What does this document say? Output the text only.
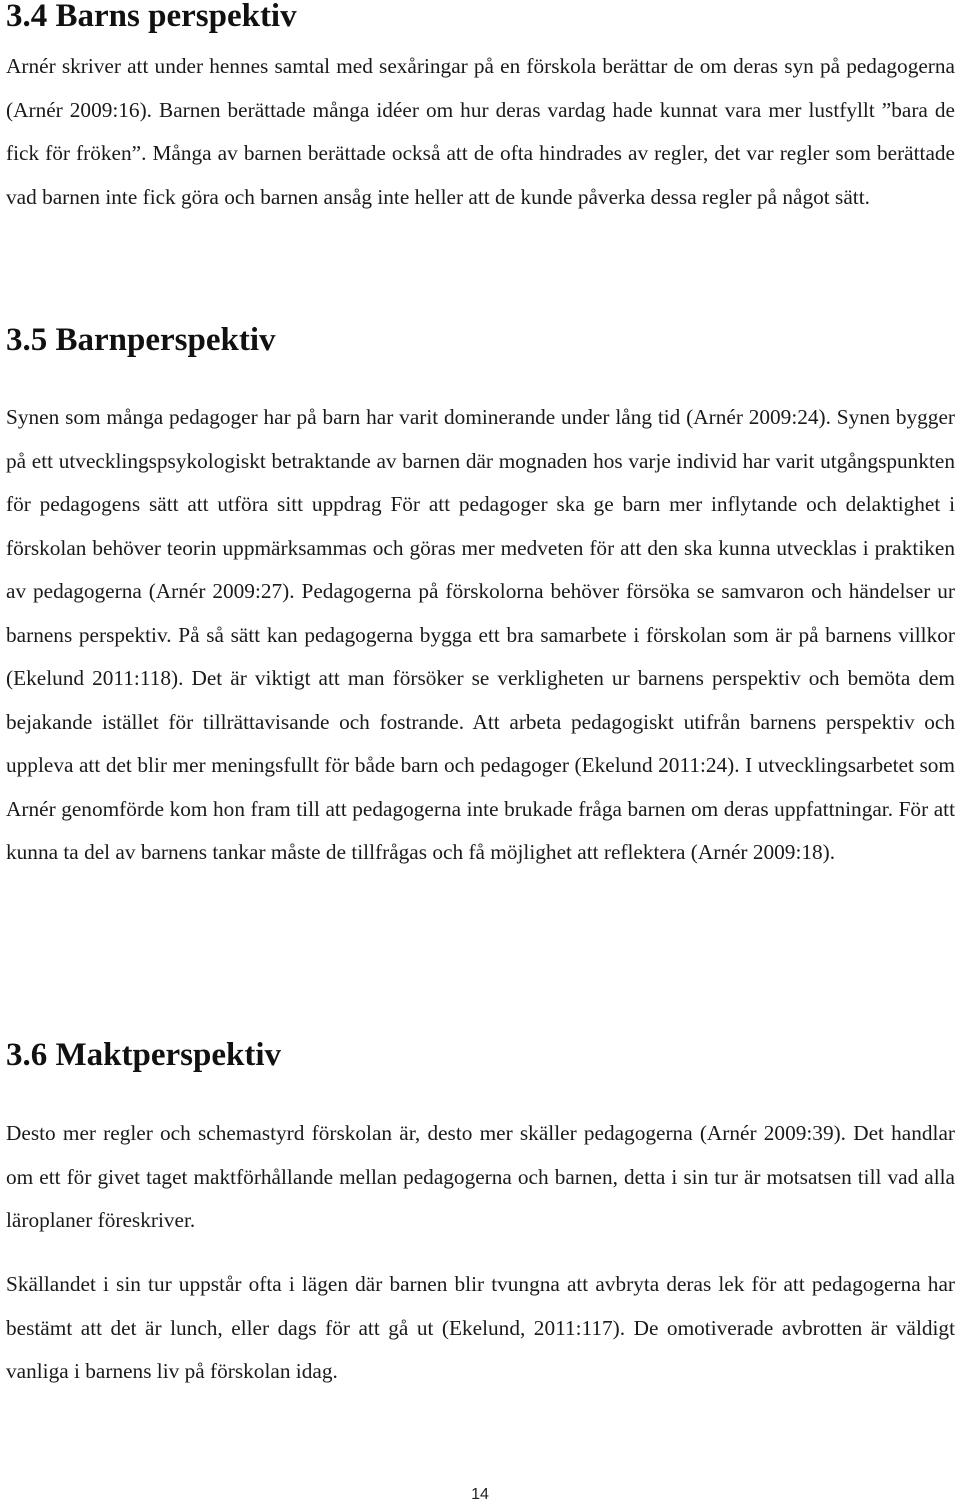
3.4 Barns perspektiv

Arnér skriver att under hennes samtal med sexåringar på en förskola berättar de om deras syn på pedagogerna (Arnér 2009:16). Barnen berättade många idéer om hur deras vardag hade kunnat vara mer lustfyllt ”bara de fick för fröken”. Många av barnen berättade också att de ofta hindrades av regler, det var regler som berättade vad barnen inte fick göra och barnen ansåg inte heller att de kunde påverka dessa regler på något sätt.

3.5 Barnperspektiv

Synen som många pedagoger har på barn har varit dominerande under lång tid (Arnér 2009:24). Synen bygger på ett utvecklingspsykologiskt betraktande av barnen där mognaden hos varje individ har varit utgångspunkten för pedagogens sätt att utföra sitt uppdrag För att pedagoger ska ge barn mer inflytande och delaktighet i förskolan behöver teorin uppmärksammas och göras mer medveten för att den ska kunna utvecklas i praktiken av pedagogerna (Arnér 2009:27). Pedagogerna på förskolorna behöver försöka se samvaron och händelser ur barnens perspektiv. På så sätt kan pedagogerna bygga ett bra samarbete i förskolan som är på barnens villkor (Ekelund 2011:118). Det är viktigt att man försöker se verkligheten ur barnens perspektiv och bemöta dem bejakande istället för tillrättavisande och fostrande. Att arbeta pedagogiskt utifrån barnens perspektiv och uppleva att det blir mer meningsfullt för både barn och pedagoger (Ekelund 2011:24). I utvecklingsarbetet som Arnér genomförde kom hon fram till att pedagogerna inte brukade fråga barnen om deras uppfattningar. För att kunna ta del av barnens tankar måste de tillfrågas och få möjlighet att reflektera (Arnér 2009:18).

3.6 Maktperspektiv

Desto mer regler och schemastyrd förskolan är, desto mer skäller pedagogerna (Arnér 2009:39). Det handlar om ett för givet taget maktförhållande mellan pedagogerna och barnen, detta i sin tur är motsatsen till vad alla läroplaner föreskriver.

Skällandet i sin tur uppstår ofta i lägen där barnen blir tvungna att avbryta deras lek för att pedagogerna har bestämt att det är lunch, eller dags för att gå ut (Ekelund, 2011:117). De omotiverade avbrotten är väldigt vanliga i barnens liv på förskolan idag.

14
